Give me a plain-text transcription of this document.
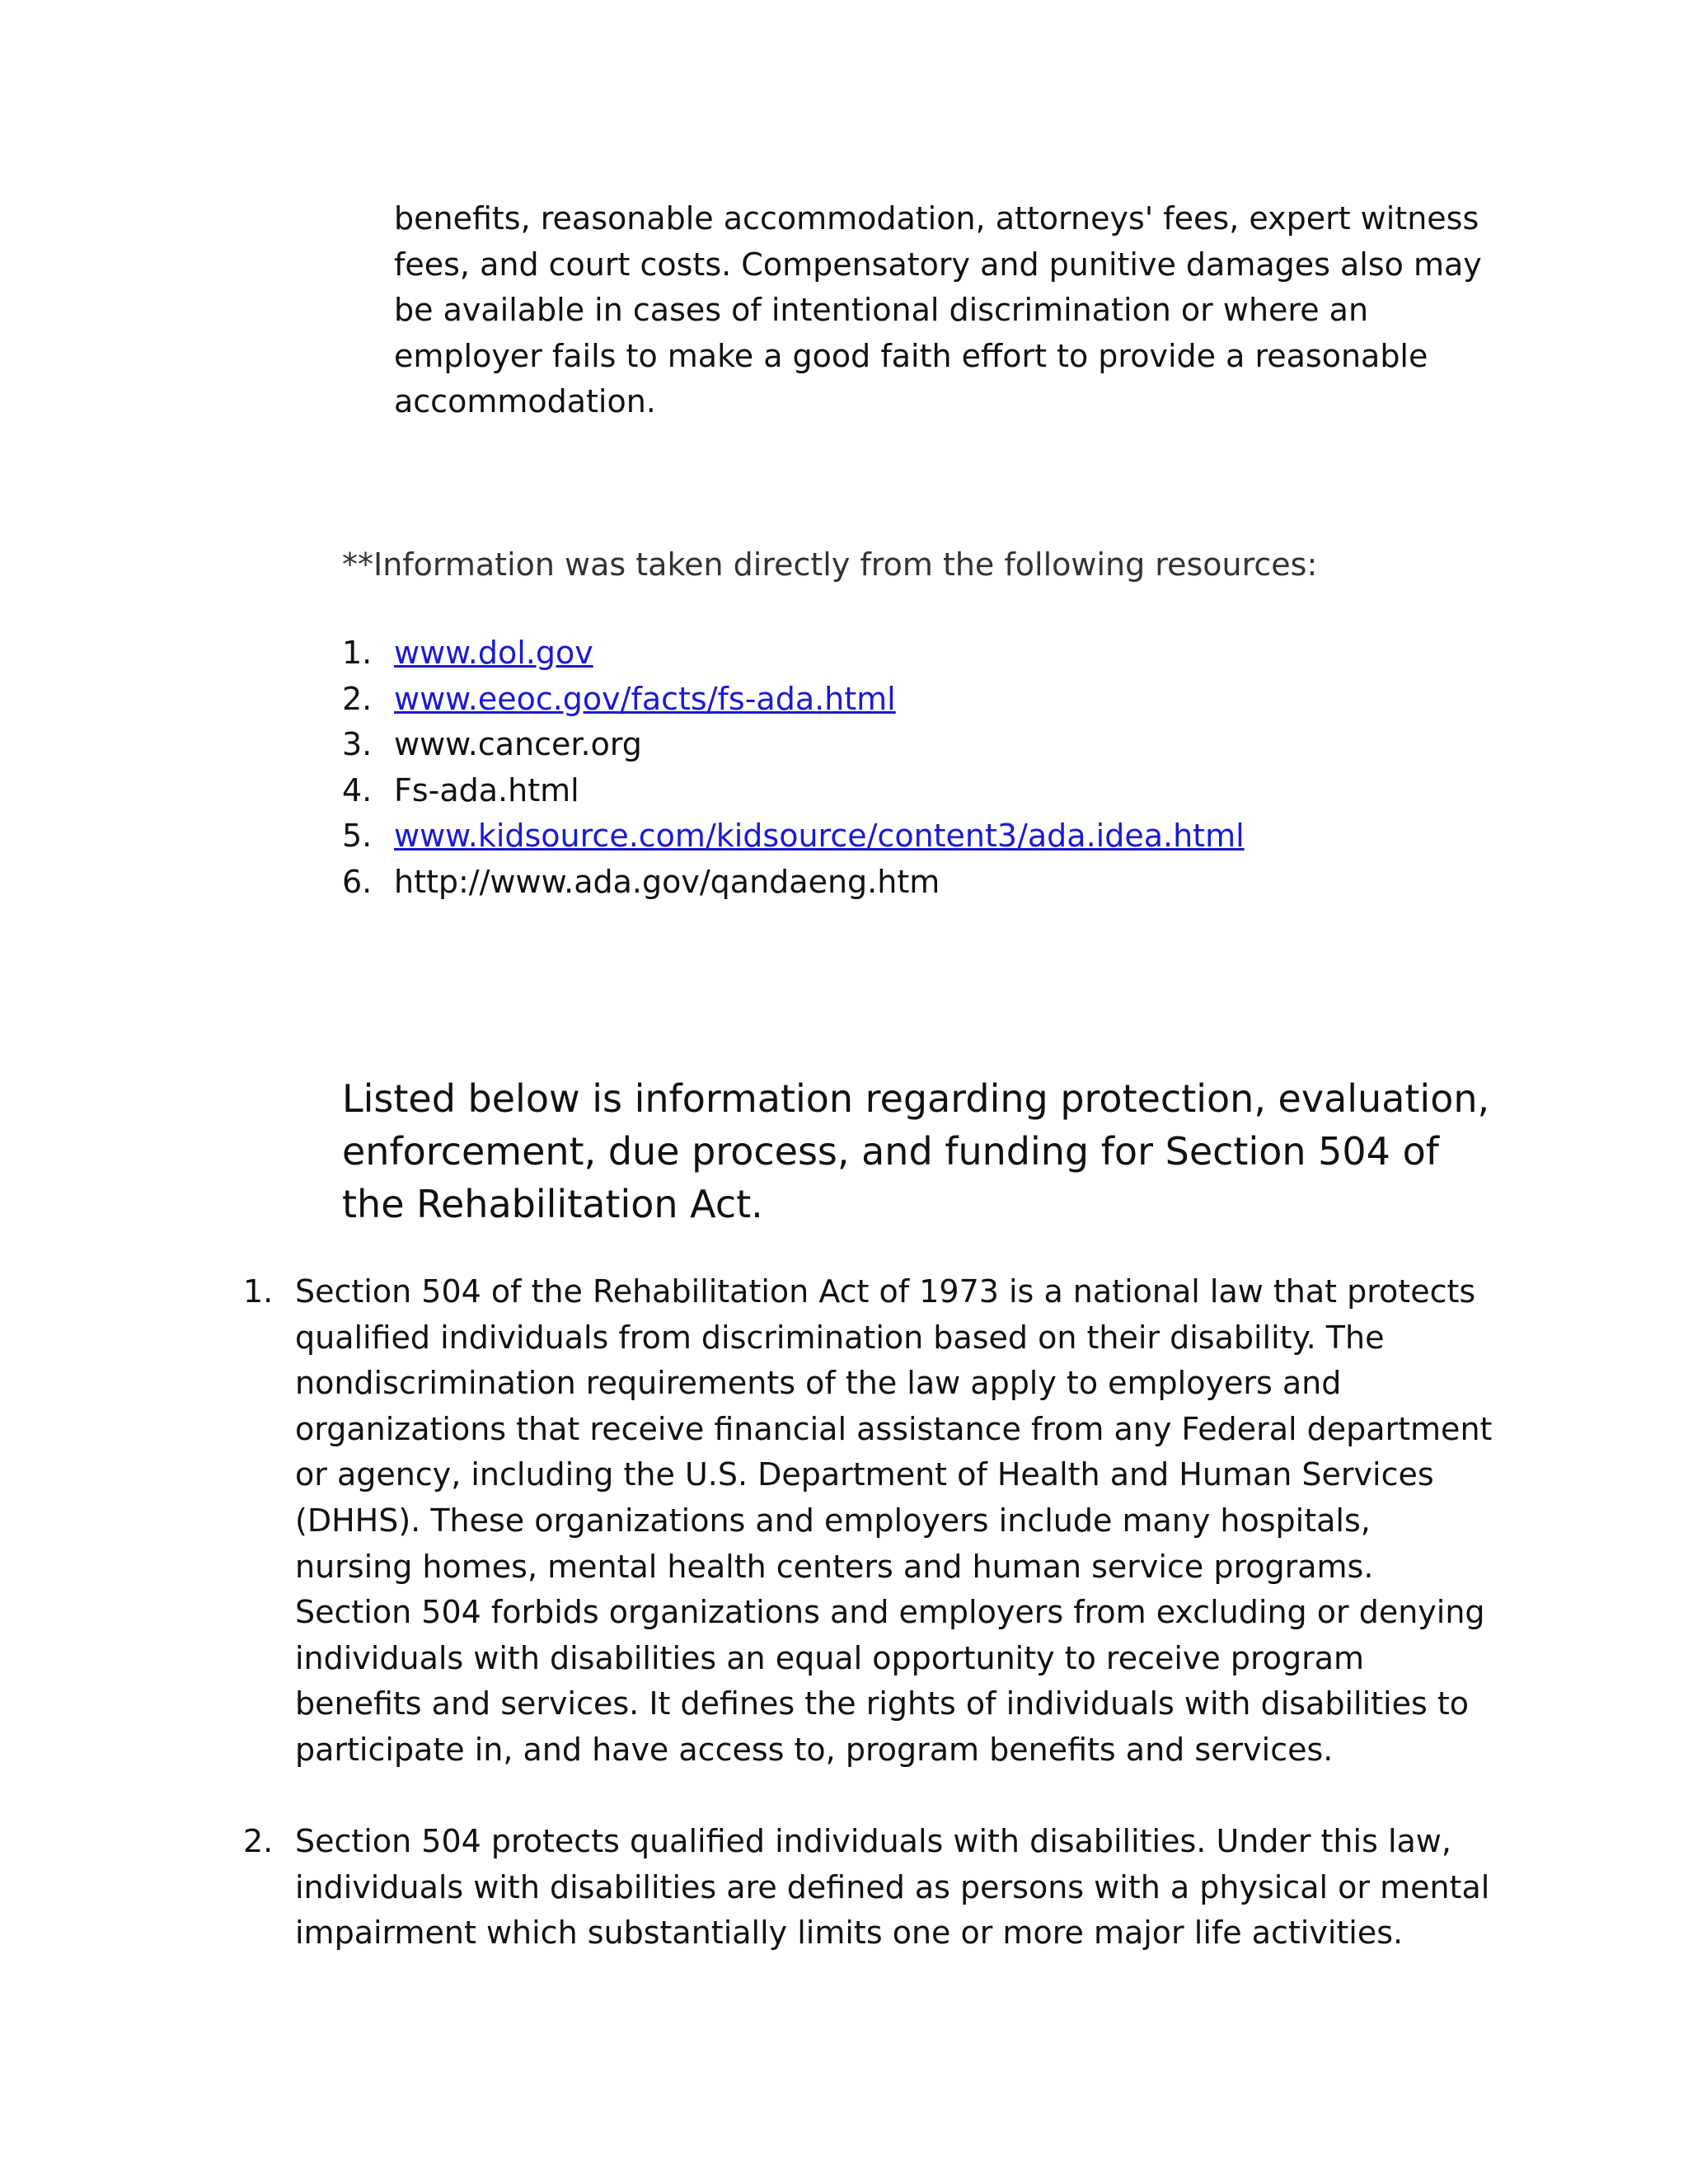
benefits, reasonable accommodation, attorneys' fees, expert witness fees, and court costs. Compensatory and punitive damages also may be available in cases of intentional discrimination or where an employer fails to make a good faith effort to provide a reasonable accommodation.

**Information was taken directly from the following resources:
1. www.dol.gov
2. www.eeoc.gov/facts/fs-ada.html
3. www.cancer.org
4. Fs-ada.html
5. www.kidsource.com/kidsource/content3/ada.idea.html
6. http://www.ada.gov/qandaeng.htm

Listed below is information regarding protection, evaluation, enforcement, due process, and funding for Section 504 of the Rehabilitation Act.

1. Section 504 of the Rehabilitation Act of 1973 is a national law that protects qualified individuals from discrimination based on their disability. The nondiscrimination requirements of the law apply to employers and organizations that receive financial assistance from any Federal department or agency, including the U.S. Department of Health and Human Services (DHHS). These organizations and employers include many hospitals, nursing homes, mental health centers and human service programs. Section 504 forbids organizations and employers from excluding or denying individuals with disabilities an equal opportunity to receive program benefits and services. It defines the rights of individuals with disabilities to participate in, and have access to, program benefits and services.
2. Section 504 protects qualified individuals with disabilities. Under this law, individuals with disabilities are defined as persons with a physical or mental impairment which substantially limits one or more major life activities.
